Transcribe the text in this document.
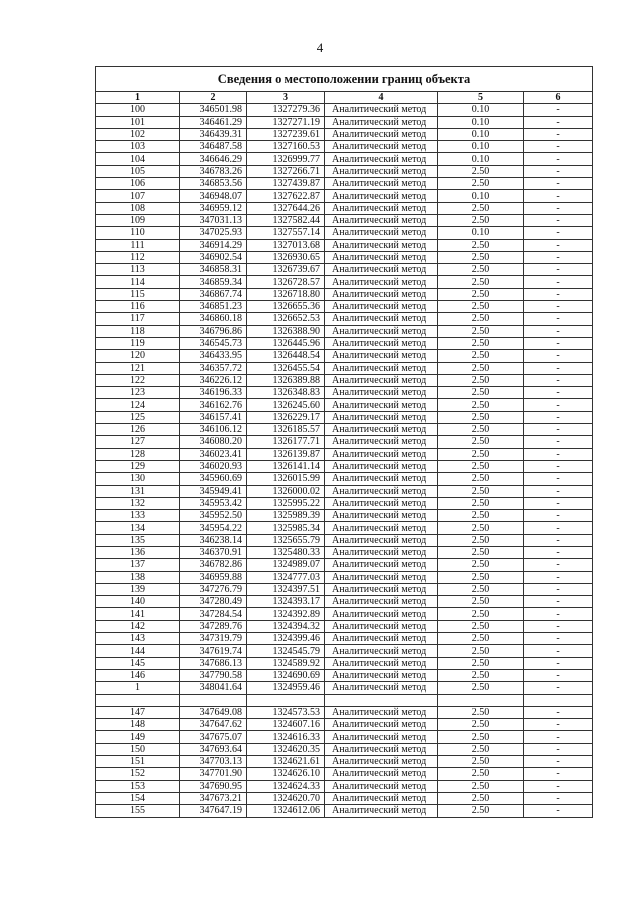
4
Сведения о местоположении границ объекта					
1	2	3	4	5	6
100	346501.98	1327279.36	Аналитический метод	0.10	-
101	346461.29	1327271.19	Аналитический метод	0.10	-
102	346439.31	1327239.61	Аналитический метод	0.10	-
103	346487.58	1327160.53	Аналитический метод	0.10	-
104	346646.29	1326999.77	Аналитический метод	0.10	-
105	346783.26	1327266.71	Аналитический метод	2.50	-
106	346853.56	1327439.87	Аналитический метод	2.50	-
107	346948.07	1327622.87	Аналитический метод	0.10	-
108	346959.12	1327644.26	Аналитический метод	2.50	-
109	347031.13	1327582.44	Аналитический метод	2.50	-
110	347025.93	1327557.14	Аналитический метод	0.10	-
111	346914.29	1327013.68	Аналитический метод	2.50	-
112	346902.54	1326930.65	Аналитический метод	2.50	-
113	346858.31	1326739.67	Аналитический метод	2.50	-
114	346859.34	1326728.57	Аналитический метод	2.50	-
115	346867.74	1326718.80	Аналитический метод	2.50	-
116	346851.23	1326655.36	Аналитический метод	2.50	-
117	346860.18	1326652.53	Аналитический метод	2.50	-
118	346796.86	1326388.90	Аналитический метод	2.50	-
119	346545.73	1326445.96	Аналитический метод	2.50	-
120	346433.95	1326448.54	Аналитический метод	2.50	-
121	346357.72	1326455.54	Аналитический метод	2.50	-
122	346226.12	1326389.88	Аналитический метод	2.50	-
123	346196.33	1326348.83	Аналитический метод	2.50	-
124	346162.76	1326245.60	Аналитический метод	2.50	-
125	346157.41	1326229.17	Аналитический метод	2.50	-
126	346106.12	1326185.57	Аналитический метод	2.50	-
127	346080.20	1326177.71	Аналитический метод	2.50	-
128	346023.41	1326139.87	Аналитический метод	2.50	-
129	346020.93	1326141.14	Аналитический метод	2.50	-
130	345960.69	1326015.99	Аналитический метод	2.50	-
131	345949.41	1326000.02	Аналитический метод	2.50	-
132	345953.42	1325995.22	Аналитический метод	2.50	-
133	345952.50	1325989.39	Аналитический метод	2.50	-
134	345954.22	1325985.34	Аналитический метод	2.50	-
135	346238.14	1325655.79	Аналитический метод	2.50	-
136	346370.91	1325480.33	Аналитический метод	2.50	-
137	346782.86	1324989.07	Аналитический метод	2.50	-
138	346959.88	1324777.03	Аналитический метод	2.50	-
139	347276.79	1324397.51	Аналитический метод	2.50	-
140	347280.49	1324393.17	Аналитический метод	2.50	-
141	347284.54	1324392.89	Аналитический метод	2.50	-
142	347289.76	1324394.32	Аналитический метод	2.50	-
143	347319.79	1324399.46	Аналитический метод	2.50	-
144	347619.74	1324545.79	Аналитический метод	2.50	-
145	347686.13	1324589.92	Аналитический метод	2.50	-
146	347790.58	1324690.69	Аналитический метод	2.50	-
1	348041.64	1324959.46	Аналитический метод	2.50	-

147	347649.08	1324573.53	Аналитический метод	2.50	-
148	347647.62	1324607.16	Аналитический метод	2.50	-
149	347675.07	1324616.33	Аналитический метод	2.50	-
150	347693.64	1324620.35	Аналитический метод	2.50	-
151	347703.13	1324621.61	Аналитический метод	2.50	-
152	347701.90	1324626.10	Аналитический метод	2.50	-
153	347690.95	1324624.33	Аналитический метод	2.50	-
154	347673.21	1324620.70	Аналитический метод	2.50	-
155	347647.19	1324612.06	Аналитический метод	2.50	-
